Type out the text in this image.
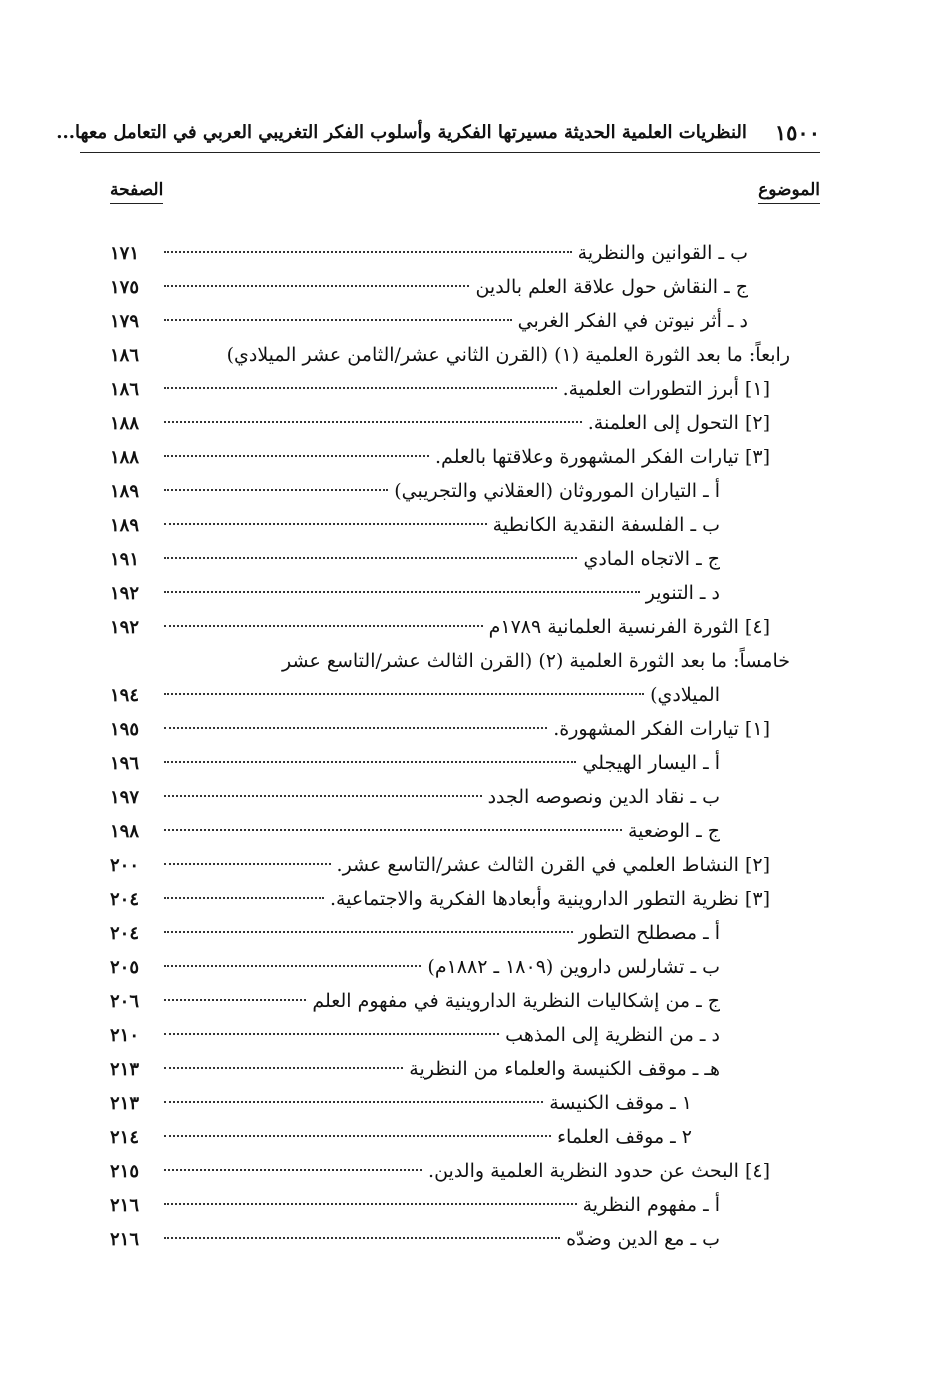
١٥٠٠
النظريات العلمية الحديثة مسيرتها الفكرية وأسلوب الفكر التغريبي العربي في التعامل معها...
الموضوع
الصفحة
ب ـ القوانين والنظرية
١٧١
ج ـ النقاش حول علاقة العلم بالدين
١٧٥
د ـ أثر نيوتن في الفكر الغربي
١٧٩
رابعاً: ما بعد الثورة العلمية (١) (القرن الثاني عشر/الثامن عشر الميلادي)
١٨٦
[١] أبرز التطورات العلمية.
١٨٦
[٢] التحول إلى العلمنة.
١٨٨
[٣] تيارات الفكر المشهورة وعلاقتها بالعلم.
١٨٨
أ ـ التياران الموروثان (العقلاني والتجريبي)
١٨٩
ب ـ الفلسفة النقدية الكانطية
١٨٩
ج ـ الاتجاه المادي
١٩١
د ـ التنوير
١٩٢
[٤] الثورة الفرنسية العلمانية ١٧٨٩م
١٩٢
خامساً: ما بعد الثورة العلمية (٢) (القرن الثالث عشر/التاسع عشر
الميلادي)
١٩٤
[١] تيارات الفكر المشهورة.
١٩٥
أ ـ اليسار الهيجلي
١٩٦
ب ـ نقاد الدين ونصوصه الجدد
١٩٧
ج ـ الوضعية
١٩٨
[٢] النشاط العلمي في القرن الثالث عشر/التاسع عشر.
٢٠٠
[٣] نظرية التطور الداروينية وأبعادها الفكرية والاجتماعية.
٢٠٤
أ ـ مصطلح التطور
٢٠٤
ب ـ تشارلس داروين (١٨٠٩ ـ ١٨٨٢م)
٢٠٥
ج ـ من إشكاليات النظرية الداروينية في مفهوم العلم
٢٠٦
د ـ من النظرية إلى المذهب
٢١٠
هـ ـ موقف الكنيسة والعلماء من النظرية
٢١٣
١ ـ موقف الكنيسة
٢١٣
٢ ـ موقف العلماء
٢١٤
[٤] البحث عن حدود النظرية العلمية والدين.
٢١٥
أ ـ مفهوم النظرية
٢١٦
ب ـ مع الدين وضدّه
٢١٦
